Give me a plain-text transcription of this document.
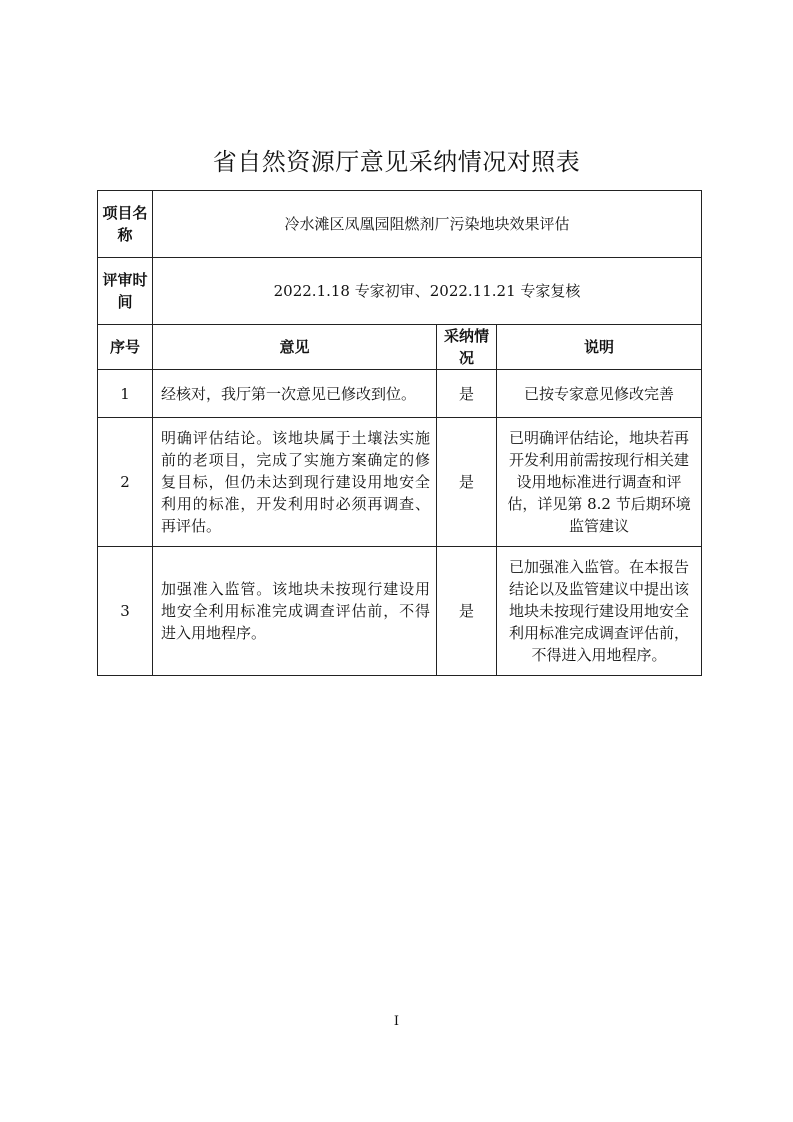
省自然资源厅意见采纳情况对照表
项目名称	冷水滩区凤凰园阻燃剂厂污染地块效果评估		
评审时间	2022.1.18 专家初审、2022.11.21 专家复核		
序号	意见	采纳情况	说明
1	经核对，我厅第一次意见已修改到位。	是	已按专家意见修改完善
2	明确评估结论。该地块属于土壤法实施前的老项目，完成了实施方案确定的修复目标，但仍未达到现行建设用地安全利用的标准，开发利用时必须再调查、再评估。	是	已明确评估结论，地块若再开发利用前需按现行相关建设用地标准进行调查和评估，详见第 8.2 节后期环境监管建议
3	加强准入监管。该地块未按现行建设用地安全利用标准完成调查评估前，不得进入用地程序。	是	已加强准入监管。在本报告结论以及监管建议中提出该地块未按现行建设用地安全利用标准完成调查评估前，不得进入用地程序。
I
